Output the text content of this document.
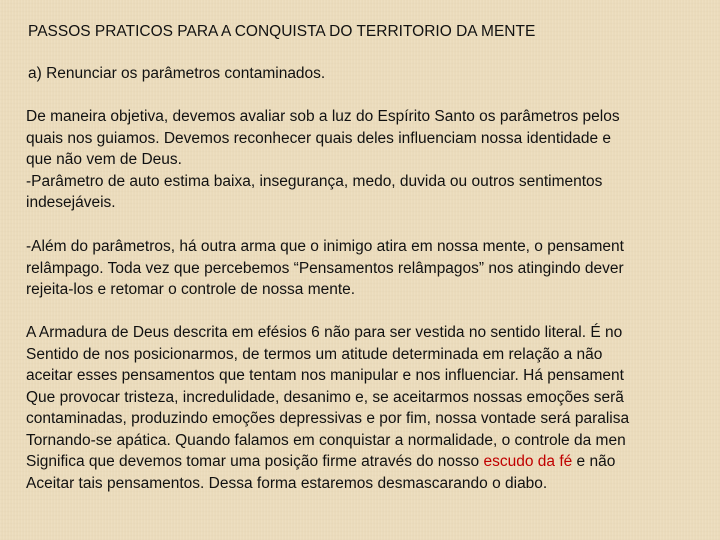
PASSOS PRATICOS PARA A CONQUISTA DO TERRITORIO DA MENTE
a) Renunciar os parâmetros contaminados.
De maneira objetiva, devemos avaliar sob a luz do Espírito Santo os parâmetros pelos
quais nos guiamos. Devemos reconhecer quais deles influenciam nossa identidade e
que não vem de Deus.
-Parâmetro de auto estima baixa, insegurança, medo, duvida ou outros sentimentos
indesejáveis.
-Além do parâmetros, há outra arma que o inimigo atira em nossa mente, o pensament
relâmpago. Toda vez que percebemos “Pensamentos relâmpagos” nos atingindo dever
rejeita-los e retomar o controle de nossa mente.
A Armadura de Deus descrita em efésios 6 não para ser vestida no sentido literal. É no
Sentido de nos posicionarmos, de termos um atitude determinada em relação a não
aceitar esses pensamentos que tentam nos manipular e nos influenciar. Há pensament
Que provocar tristeza, incredulidade, desanimo e, se aceitarmos nossas emoções serã
contaminadas, produzindo emoções depressivas e por fim, nossa vontade será paralisa
Tornando-se apática. Quando falamos em conquistar a normalidade, o controle da men
Significa que devemos tomar uma posição firme através do nosso escudo da fé e não
Aceitar tais pensamentos. Dessa forma estaremos desmascarando o diabo.
